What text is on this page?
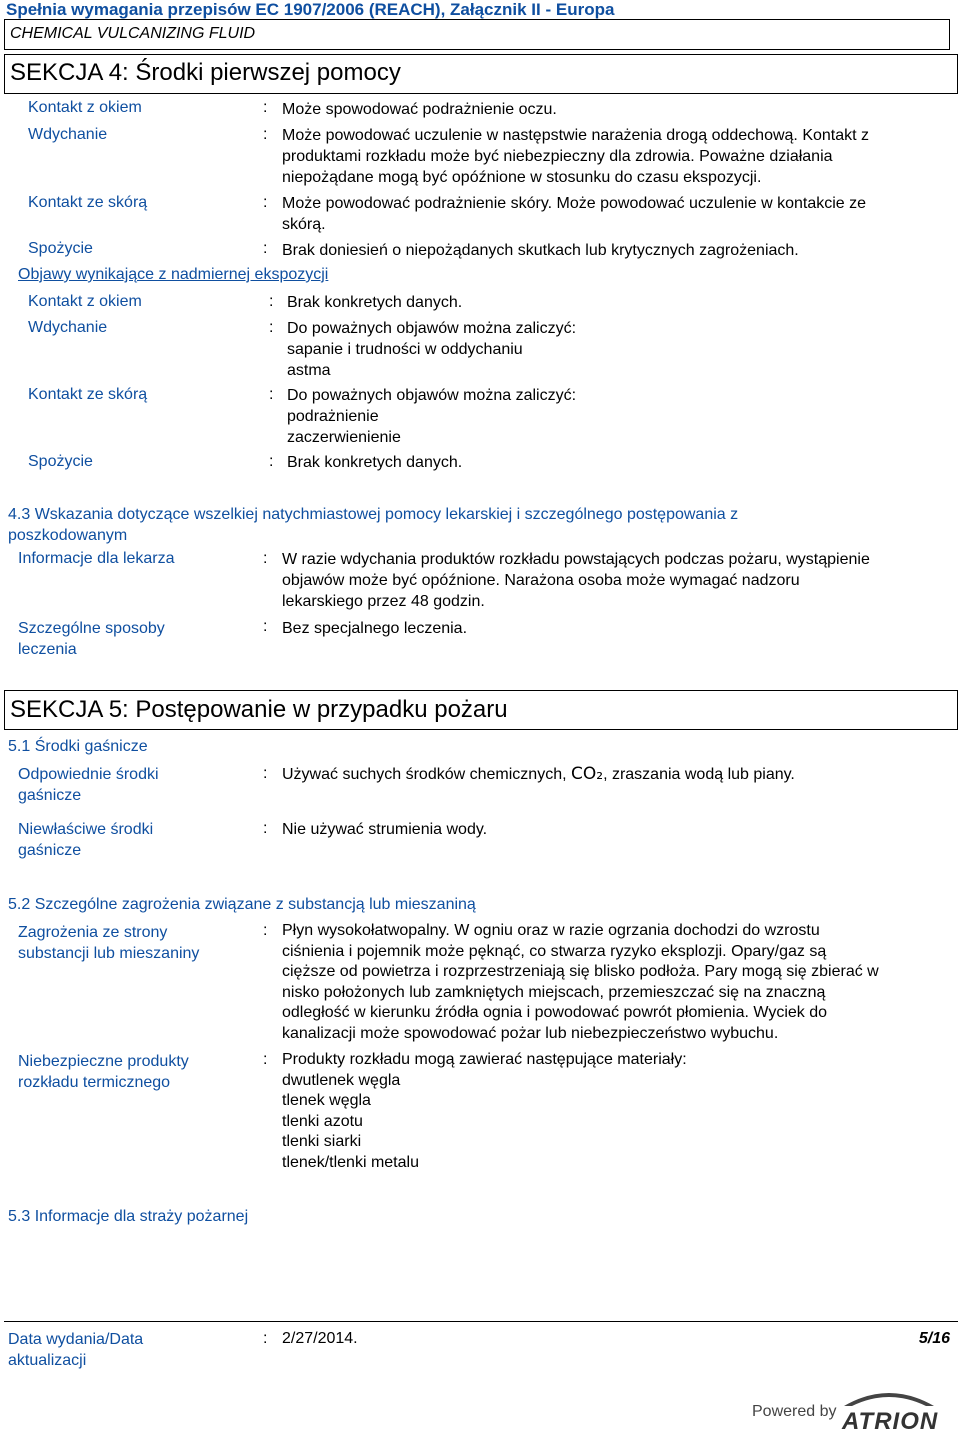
Spełnia wymagania przepisów EC 1907/2006 (REACH), Załącznik II - Europa
CHEMICAL VULCANIZING FLUID
SEKCJA 4: Środki pierwszej pomocy
Kontakt z okiem	: Może spowodować podrażnienie oczu.
Wdychanie	: Może powodować uczulenie w następstwie narażenia drogą oddechową. Kontakt z
produktami rozkładu może być niebezpieczny dla zdrowia. Poważne działania
niepożądane mogą być opóźnione w stosunku do czasu ekspozycji.
Kontakt ze skórą	: Może powodować podrażnienie skóry. Może powodować uczulenie w kontakcie ze
skórą.
Spożycie	: Brak doniesień o niepożądanych skutkach lub krytycznych zagrożeniach.
Objawy wynikające z nadmiernej ekspozycji
Kontakt z okiem	: Brak konkretych danych.
Wdychanie	: Do poważnych objawów można zaliczyć:
sapanie i trudności w oddychaniu
astma
Kontakt ze skórą	: Do poważnych objawów można zaliczyć:
podrażnienie
zaczerwienienie
Spożycie	: Brak konkretych danych.
4.3 Wskazania dotyczące wszelkiej natychmiastowej pomocy lekarskiej i szczególnego postępowania z
poszkodowanym
Informacje dla lekarza	: W razie wdychania produktów rozkładu powstających podczas pożaru, wystąpienie
objawów może być opóźnione. Narażona osoba może wymagać nadzoru
lekarskiego przez 48 godzin.
Szczególne sposoby
leczenia
: Bez specjalnego leczenia.
SEKCJA 5: Postępowanie w przypadku pożaru
5.1 Środki gaśnicze
Odpowiednie środki
gaśnicze
: Używać suchych środków chemicznych, CO₂, zraszania wodą lub piany.
Niewłaściwe środki
gaśnicze
: Nie używać strumienia wody.
5.2 Szczególne zagrożenia związane z substancją lub mieszaniną
Zagrożenia ze strony
substancji lub mieszaniny
: Płyn wysokołatwopalny. W ogniu oraz w razie ogrzania dochodzi do wzrostu
ciśnienia i pojemnik może pęknąć, co stwarza ryzyko eksplozji. Opary/gaz są
cięższe od powietrza i rozprzestrzeniają się blisko podłoża. Pary mogą się zbierać w
nisko położonych lub zamkniętych miejscach, przemieszczać się na znaczną
odległość w kierunku źródła ognia i powodować powrót płomienia. Wyciek do
kanalizacji może spowodować pożar lub niebezpieczeństwo wybuchu.
Niebezpieczne produkty
rozkładu termicznego
: Produkty rozkładu mogą zawierać następujące materiały:
dwutlenek węgla
tlenek węgla
tlenki azotu
tlenki siarki
tlenek/tlenki metalu
5.3 Informacje dla straży pożarnej
Data wydania/Data
aktualizacji
: 2/27/2014.	5/16
Powered by ATRION
